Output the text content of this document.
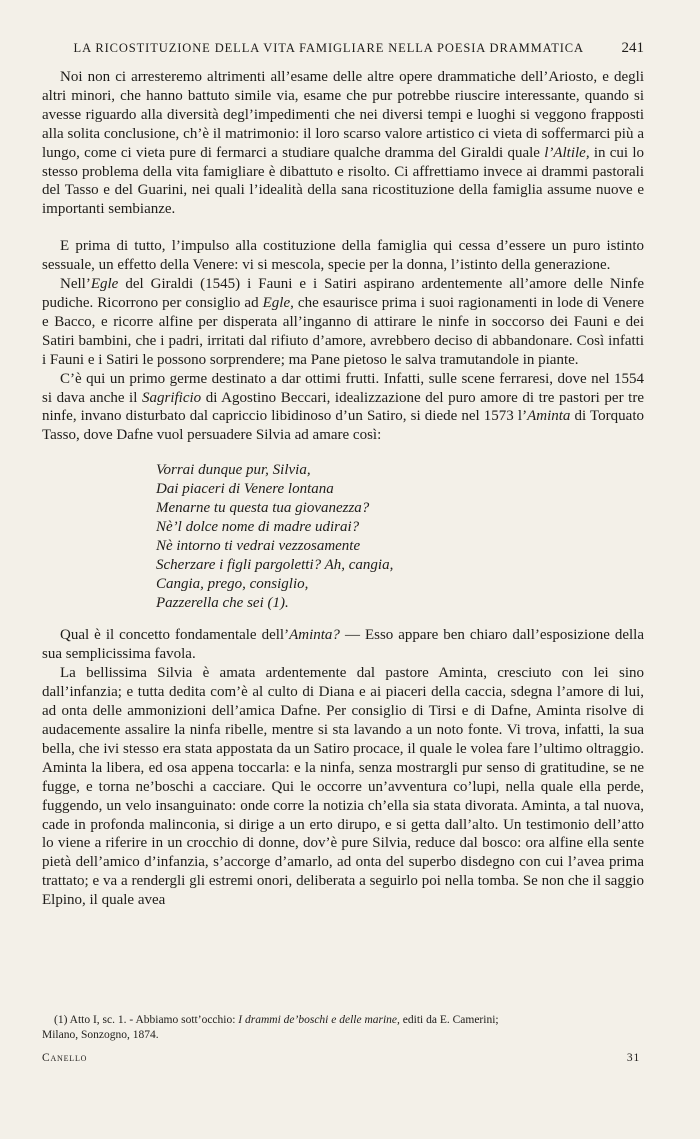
LA RICOSTITUZIONE DELLA VITA FAMIGLIARE NELLA POESIA DRAMMATICA	241

Noi non ci arresteremo altrimenti all’esame delle altre opere drammatiche dell’Ariosto, e degli altri minori, che hanno battuto simile via, esame che pur potrebbe riuscire interessante, quando si avesse riguardo alla diversità degl’impedimenti che nei diversi tempi e luoghi si veggono frapposti alla solita conclusione, ch’è il matrimonio: il loro scarso valore artistico ci vieta di soffermarci più a lungo, come ci vieta pure di fermarci a studiare qualche dramma del Giraldi quale l’Altile, in cui lo stesso problema della vita famigliare è dibattuto e risolto. Ci affrettiamo invece ai drammi pastorali del Tasso e del Guarini, nei quali l’idealità della sana ricostituzione della famiglia assume nuove e importanti sembianze.

E prima di tutto, l’impulso alla costituzione della famiglia qui cessa d’essere un puro istinto sessuale, un effetto della Venere: vi si mescola, specie per la donna, l’istinto della generazione.

Nell’Egle del Giraldi (1545) i Fauni e i Satiri aspirano ardentemente all’amore delle Ninfe pudiche. Ricorrono per consiglio ad Egle, che esaurisce prima i suoi ragionamenti in lode di Venere e Bacco, e ricorre alfine per disperata all’inganno di attirare le ninfe in soccorso dei Fauni e dei Satiri bambini, che i padri, irritati dal rifiuto d’amore, avrebbero deciso di abbandonare. Così infatti i Fauni e i Satiri le possono sorprendere; ma Pane pietoso le salva tramutandole in piante.

C’è qui un primo germe destinato a dar ottimi frutti. Infatti, sulle scene ferraresi, dove nel 1554 si dava anche il Sagrificio di Agostino Beccari, idealizzazione del puro amore di tre pastori per tre ninfe, invano disturbato dal capriccio libidinoso d’un Satiro, si diede nel 1573 l’Aminta di Torquato Tasso, dove Dafne vuol persuadere Silvia ad amare così:

Vorrai dunque pur, Silvia,
Dai piaceri di Venere lontana
Menarne tu questa tua giovanezza?
Nè’l dolce nome di madre udirai?
Nè intorno ti vedrai vezzosamente
Scherzare i figli pargoletti? Ah, cangia,
Cangia, prego, consiglio,
Pazzerella che sei (1).

Qual è il concetto fondamentale dell’Aminta? — Esso appare ben chiaro dall’esposizione della sua semplicissima favola.

La bellissima Silvia è amata ardentemente dal pastore Aminta, cresciuto con lei sino dall’infanzia; e tutta dedita com’è al culto di Diana e ai piaceri della caccia, sdegna l’amore di lui, ad onta delle ammonizioni dell’amica Dafne. Per consiglio di Tirsi e di Dafne, Aminta risolve di audacemente assalire la ninfa ribelle, mentre si sta lavando a un noto fonte. Vi trova, infatti, la sua bella, che ivi stesso era stata appostata da un Satiro procace, il quale le volea fare l’ultimo oltraggio. Aminta la libera, ed osa appena toccarla: e la ninfa, senza mostrargli pur senso di gratitudine, se ne fugge, e torna ne’boschi a cacciare. Qui le occorre un’avventura co’lupi, nella quale ella perde, fuggendo, un velo insanguinato: onde corre la notizia ch’ella sia stata divorata. Aminta, a tal nuova, cade in profonda malinconia, si dirige a un erto dirupo, e si getta dall’alto. Un testimonio dell’atto lo viene a riferire in un crocchio di donne, dov’è pure Silvia, reduce dal bosco: ora alfine ella sente pietà dell’amico d’infanzia, s’accorge d’amarlo, ad onta del superbo disdegno con cui l’avea prima trattato; e va a rendergli gli estremi onori, deliberata a seguirlo poi nella tomba. Se non che il saggio Elpino, il quale avea

(1) Atto I, sc. 1. - Abbiamo sott’occhio: I drammi de’boschi e delle marine, editi da E. Camerini;
Milano, Sonzogno, 1874.
Canello	31
